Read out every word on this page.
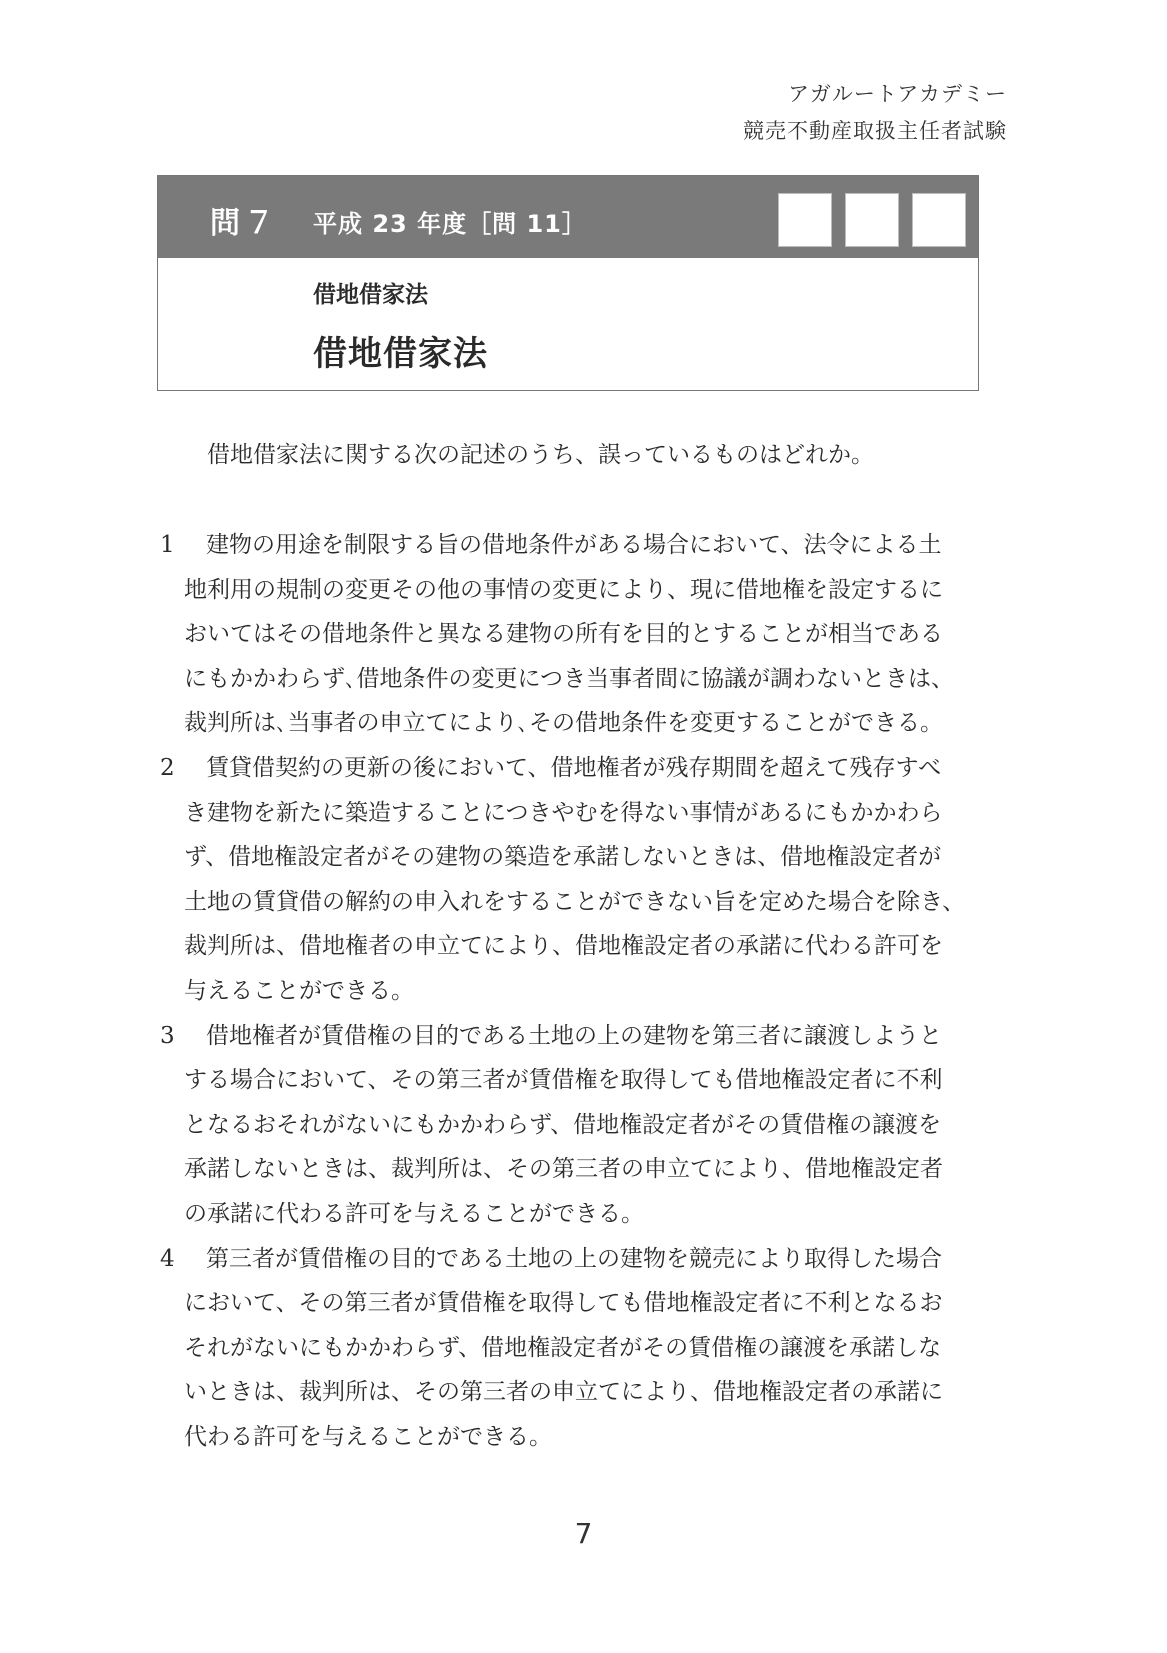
アガルートアカデミー
競売不動産取扱主任者試験
問７ 平成 23 年度［問 11］
借地借家法
借地借家法
借地借家法に関する次の記述のうち、誤っているものはどれか。
1	建物の用途を制限する旨の借地条件がある場合において、法令による土
地利用の規制の変更その他の事情の変更により、現に借地権を設定するに
おいてはその借地条件と異なる建物の所有を目的とすることが相当である
にもかかわらず､借地条件の変更につき当事者間に協議が調わないときは、
裁判所は､当事者の申立てにより､その借地条件を変更することができる。
2	賃貸借契約の更新の後において、借地権者が残存期間を超えて残存すべ
き建物を新たに築造することにつきやむを得ない事情があるにもかかわら
ず、借地権設定者がその建物の築造を承諾しないときは、借地権設定者が
土地の賃貸借の解約の申入れをすることができない旨を定めた場合を除き、
裁判所は、借地権者の申立てにより、借地権設定者の承諾に代わる許可を
与えることができる。
3	借地権者が賃借権の目的である土地の上の建物を第三者に譲渡しようと
する場合において、その第三者が賃借権を取得しても借地権設定者に不利
となるおそれがないにもかかわらず、借地権設定者がその賃借権の譲渡を
承諾しないときは、裁判所は、その第三者の申立てにより、借地権設定者
の承諾に代わる許可を与えることができる。
4	第三者が賃借権の目的である土地の上の建物を競売により取得した場合
において、その第三者が賃借権を取得しても借地権設定者に不利となるお
それがないにもかかわらず、借地権設定者がその賃借権の譲渡を承諾しな
いときは、裁判所は、その第三者の申立てにより、借地権設定者の承諾に
代わる許可を与えることができる。
7
